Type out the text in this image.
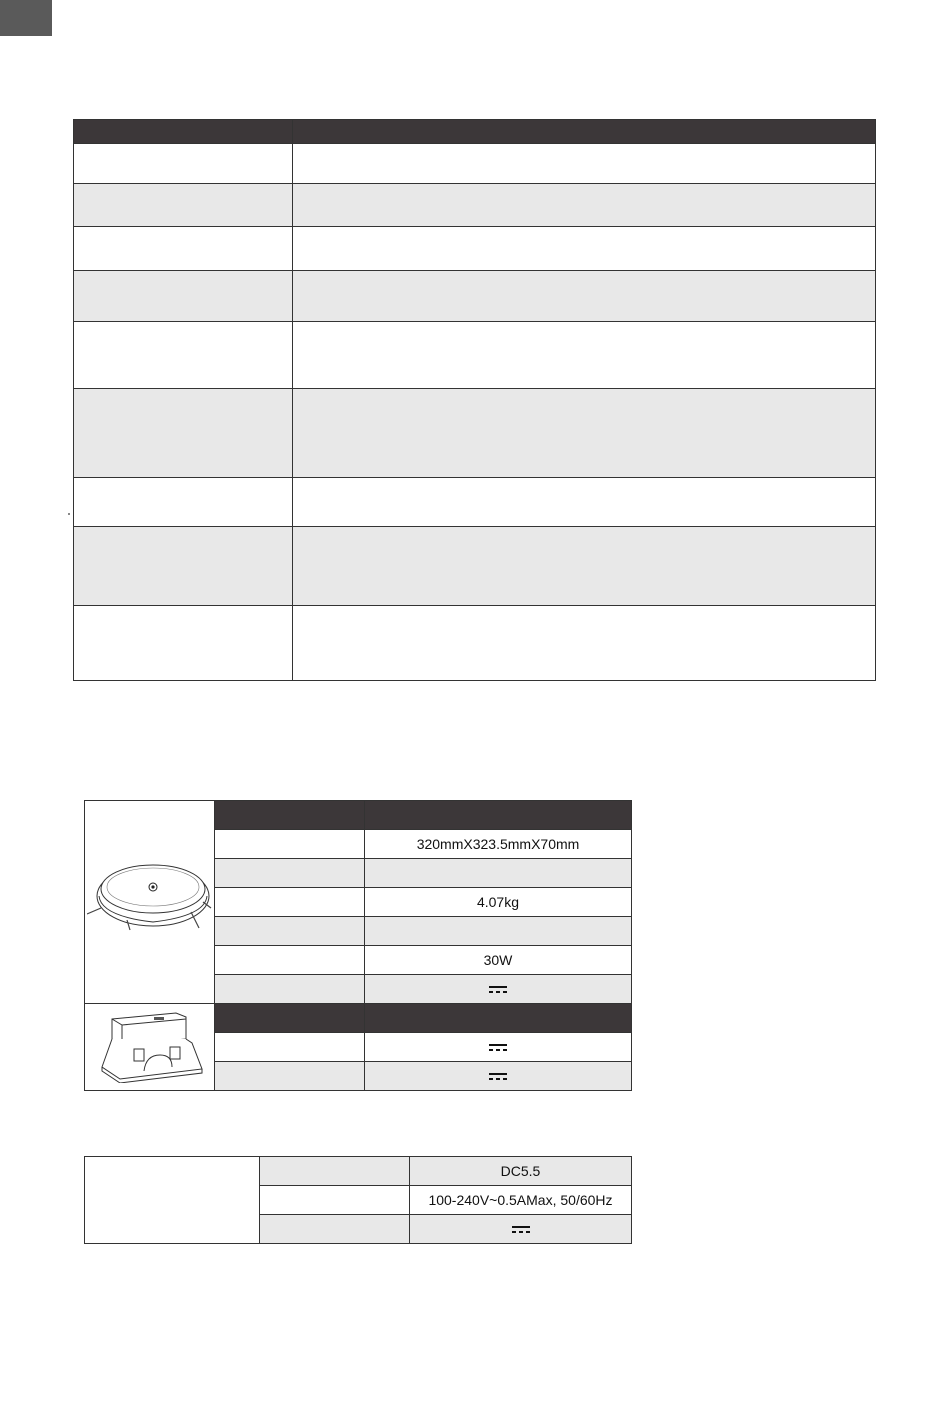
		320mmX323.5mmX70mm

		4.07kg

		30W

		DC5.5
		100-240V~0.5AMax, 50/60Hz
